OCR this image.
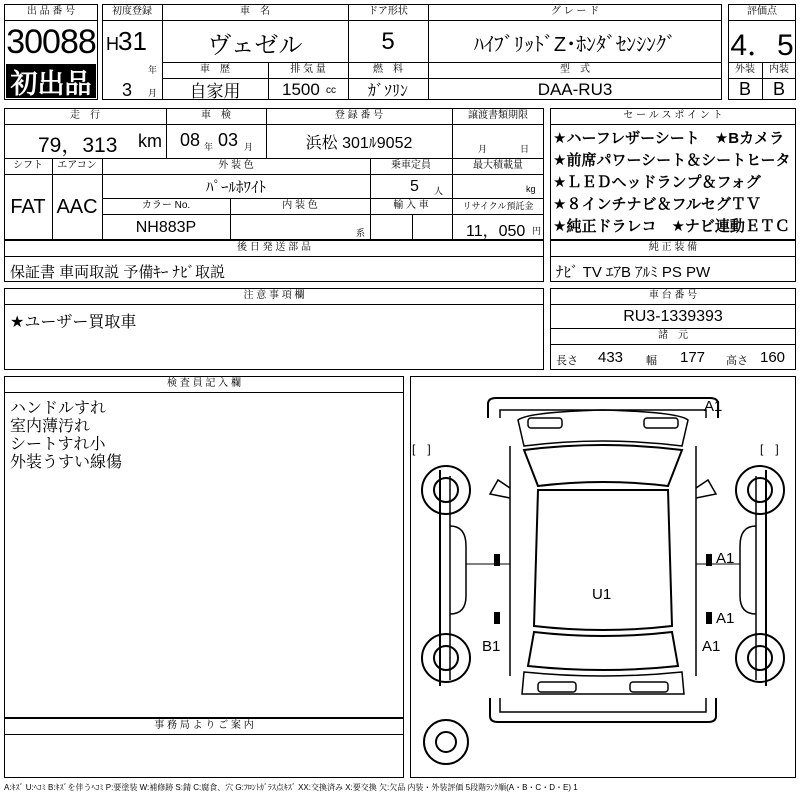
出 品 番 号
30088
初出品
初度登録
H 31
年
3 月
車　名
ヴェゼル
車　歴
自家用
排 気 量
1500 cc
ドア形状
5
燃　料
ｶﾞｿﾘﾝ
グ レ ー ド
ﾊｲﾌﾞﾘｯﾄﾞZ･ﾎﾝﾀﾞｾﾝｼﾝｸﾞ
型　式
DAA-RU3
評価点
4．5
外装	内装
B	B
走　行
79，313 km
車　検
08 年 03 月
登 録 番 号
浜松 301ﾙ9052
譲渡書類期限
月	日
シフト
FAT
エアコン
AAC
外 装 色
ﾊﾟｰﾙﾎﾜｲﾄ
乗車定員
5 人
最大積載量
kg
カラー No.
NH883P
内 装 色
系
輸 入 車	リサイクル預託金
11，050 円
セ ー ル ス ポ イ ン ト
★ハーフレザーシート　★Bカメラ
★前席パワーシート＆シートヒータ
★ＬＥＤヘッドランプ＆フォグ
★８インチナビ＆フルセグＴＶ
★純正ドラレコ　★ナビ連動ＥＴＣ
後 日 発 送 部 品
保証書 車両取説 予備ｷｰ ﾅﾋﾞ取説
純 正 装 備
ﾅﾋﾞ TV ｴｱB ｱﾙﾐ PS PW
注 意 事 項 欄
★ユーザー買取車
車 台 番 号
RU3-1339393
諸　元
長さ 433 幅 177 高さ 160
検 査 員 記 入 欄
ハンドルすれ
室内薄汚れ
シートすれ小
外装うすい線傷
事 務 局 よ り ご 案 内
A1
A1
A1
A1
B1
U1
[　]	[　]
A:ｷｽﾞ U:ﾍｺﾐ B:ｷｽﾞを伴うﾍｺﾐ P:要塗装 W:補修跡 S:錆 C:腐食、穴 G:ﾌﾛﾝﾄｶﾞﾗｽ点ｷｽﾞ XX:交換済み X:要交換 欠:欠品 内装・外装評価 5段階ﾗﾝｸ順(A・B・C・D・E) 1
